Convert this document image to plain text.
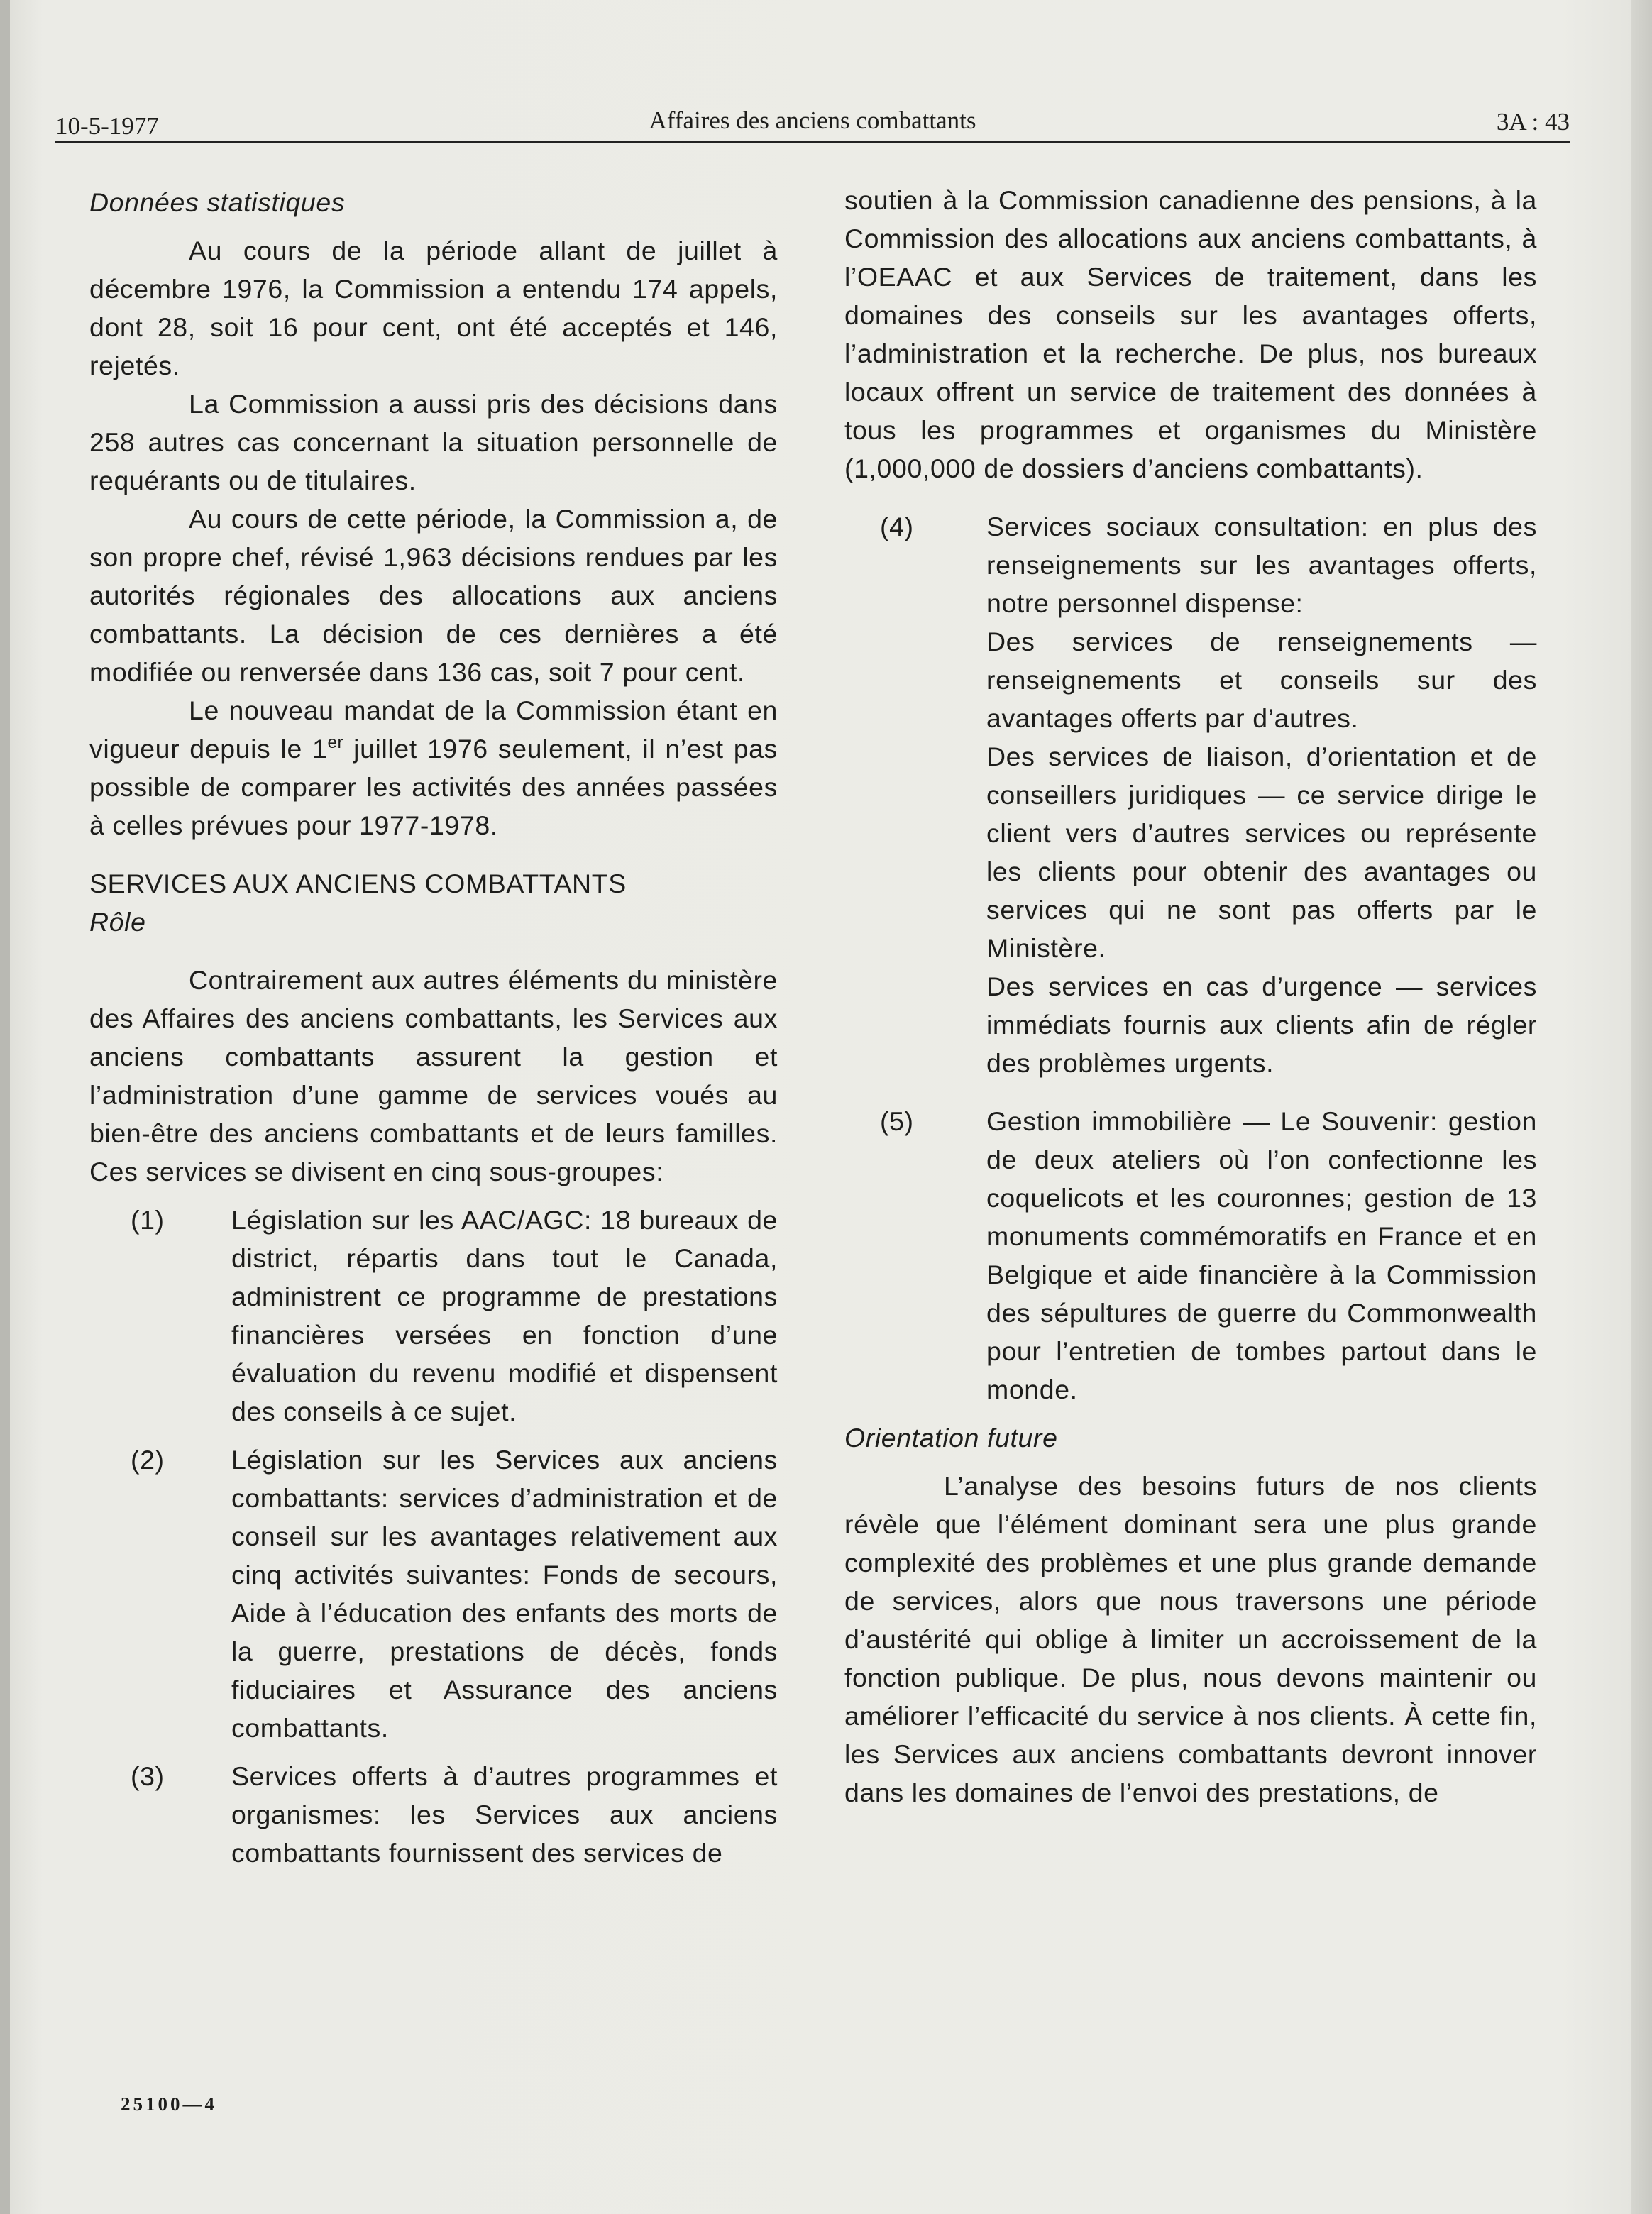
10-5-1977	Affaires des anciens combattants	3A : 43

Données statistiques

Au cours de la période allant de juillet à décembre 1976, la Commission a entendu 174 appels, dont 28, soit 16 pour cent, ont été acceptés et 146, rejetés.

La Commission a aussi pris des décisions dans 258 autres cas concernant la situation personnelle de requérants ou de titulaires.

Au cours de cette période, la Commission a, de son propre chef, révisé 1,963 décisions rendues par les autorités régionales des allocations aux anciens combattants. La décision de ces dernières a été modifiée ou renversée dans 136 cas, soit 7 pour cent.

Le nouveau mandat de la Commission étant en vigueur depuis le 1er juillet 1976 seulement, il n’est pas possible de comparer les activités des années passées à celles prévues pour 1977-1978.

SERVICES AUX ANCIENS COMBATTANTS

Rôle

Contrairement aux autres éléments du ministère des Affaires des anciens combattants, les Services aux anciens combattants assurent la gestion et l’administration d’une gamme de services voués au bien-être des anciens combattants et de leurs familles. Ces services se divisent en cinq sous-groupes:

(1)	Législation sur les AAC/AGC: 18 bureaux de district, répartis dans tout le Canada, administrent ce programme de prestations financières versées en fonction d’une évaluation du revenu modifié et dispensent des conseils à ce sujet.

(2)	Législation sur les Services aux anciens combattants: services d’administration et de conseil sur les avantages relativement aux cinq activités suivantes: Fonds de secours, Aide à l’éducation des enfants des morts de la guerre, prestations de décès, fonds fiduciaires et Assurance des anciens combattants.

(3)	Services offerts à d’autres programmes et organismes: les Services aux anciens combattants fournissent des services de

soutien à la Commission canadienne des pensions, à la Commission des allocations aux anciens combattants, à l’OEAAC et aux Services de traitement, dans les domaines des conseils sur les avantages offerts, l’administration et la recherche. De plus, nos bureaux locaux offrent un service de traitement des données à tous les programmes et organismes du Ministère (1,000,000 de dossiers d’anciens combattants).

(4)	Services sociaux consultation: en plus des renseignements sur les avantages offerts, notre personnel dispense:

Des services de renseignements — renseignements et conseils sur des avantages offerts par d’autres.

Des services de liaison, d’orientation et de conseillers juridiques — ce service dirige le client vers d’autres services ou représente les clients pour obtenir des avantages ou services qui ne sont pas offerts par le Ministère.

Des services en cas d’urgence — services immédiats fournis aux clients afin de régler des problèmes urgents.

(5)	Gestion immobilière — Le Souvenir: gestion de deux ateliers où l’on confectionne les coquelicots et les couronnes; gestion de 13 monuments commémoratifs en France et en Belgique et aide financière à la Commission des sépultures de guerre du Commonwealth pour l’entretien de tombes partout dans le monde.

Orientation future

L’analyse des besoins futurs de nos clients révèle que l’élément dominant sera une plus grande complexité des problèmes et une plus grande demande de services, alors que nous traversons une période d’austérité qui oblige à limiter un accroissement de la fonction publique. De plus, nous devons maintenir ou améliorer l’efficacité du service à nos clients. À cette fin, les Services aux anciens combattants devront innover dans les domaines de l’envoi des prestations, de

25100—4
